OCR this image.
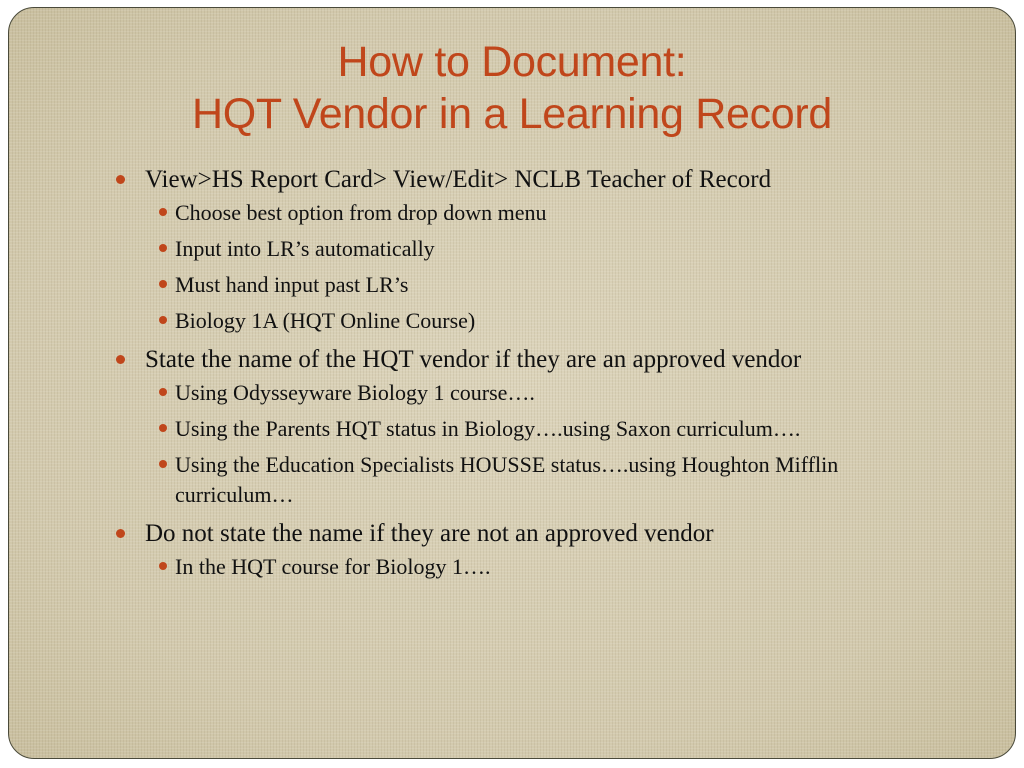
How to Document:
HQT Vendor in a Learning Record
View>HS Report Card> View/Edit> NCLB Teacher of Record
Choose best option from drop down menu
Input into LR’s automatically
Must hand input past LR’s
Biology 1A (HQT Online Course)
State the name of the HQT vendor if they are an approved vendor
Using Odysseyware Biology 1 course….
Using the Parents HQT status in Biology….using Saxon curriculum….
Using the Education Specialists HOUSSE status….using Houghton Mifflin curriculum…
Do not state the name if they are not an approved vendor
In the HQT course for Biology 1….
